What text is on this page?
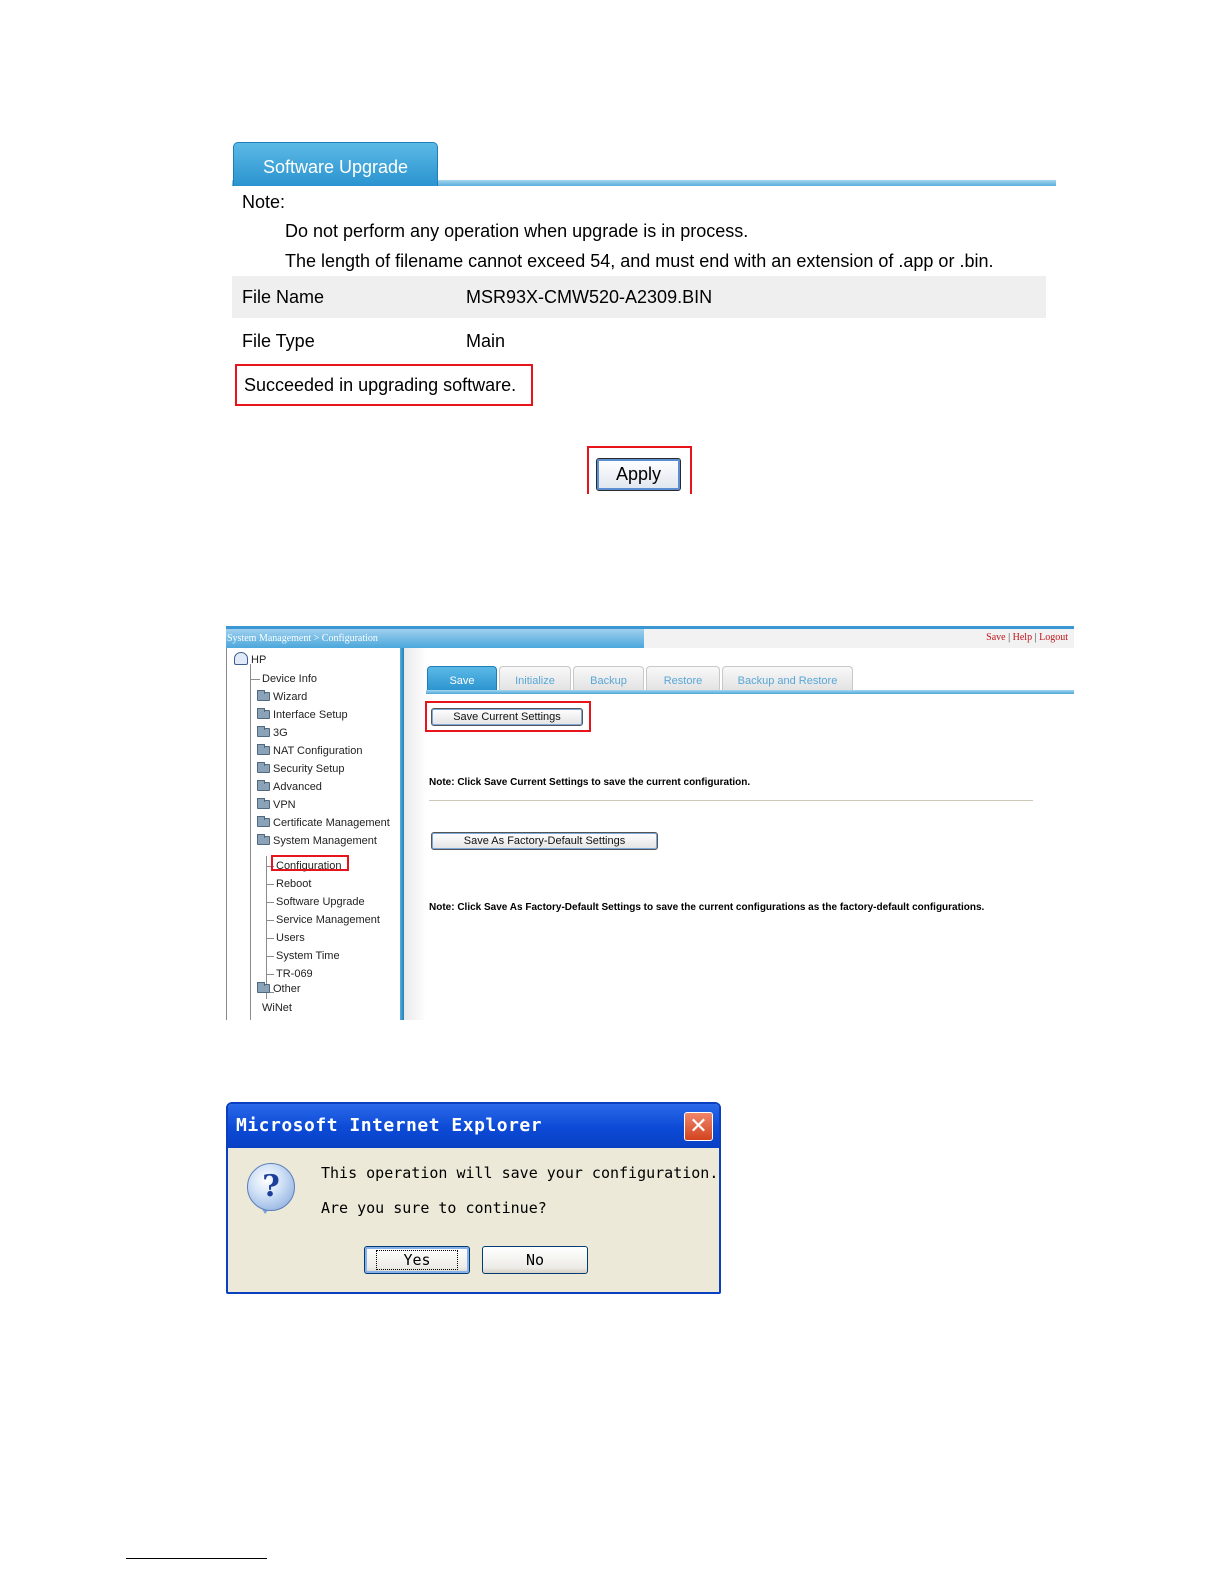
Software Upgrade
Note:
Do not perform any operation when upgrade is in process.
The length of filename cannot exceed 54, and must end with an extension of .app or .bin.
File Name	MSR93X-CMW520-A2309.BIN
File Type	Main
Succeeded in upgrading software.
Apply
System Management > Configuration	Save | Help | Logout
HP
Device Info
Wizard
Interface Setup
3G
NAT Configuration
Security Setup
Advanced
VPN
Certificate Management
System Management
Configuration
Reboot
Software Upgrade
Service Management
Users
System Time
TR-069
Other
WiNet
Save	Initialize	Backup	Restore	Backup and Restore
Save Current Settings
Note: Click Save Current Settings to save the current configuration.
Save As Factory-Default Settings
Note: Click Save As Factory-Default Settings to save the current configurations as the factory-default configurations.
Microsoft Internet Explorer	✕
?	This operation will save your configuration.
Are you sure to continue?
Yes	No
